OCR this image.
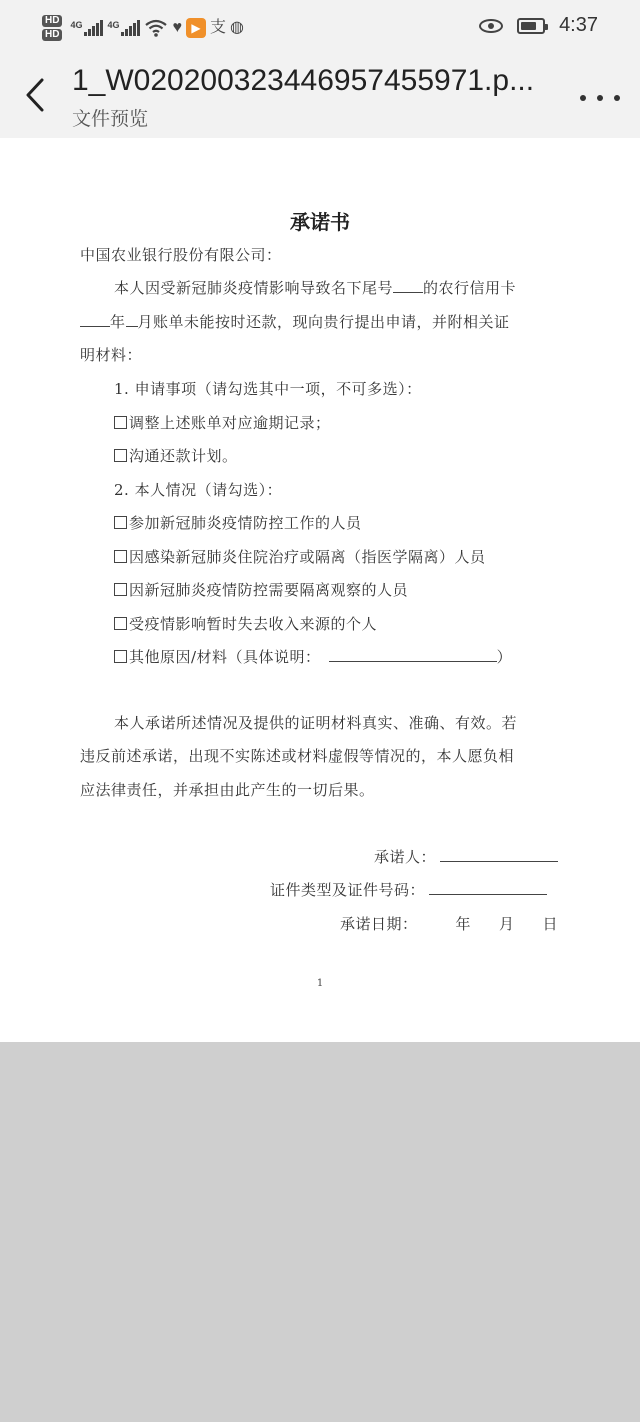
HD
HD
4G	4G	♥ ▶ 支 ◍	4:37
1_W020200323446957455971.p...
文件预览
承诺书
中国农业银行股份有限公司：
本人因受新冠肺炎疫情影响导致名下尾号 的农行信用卡
年 月账单未能按时还款，现向贵行提出申请，并附相关证
明材料：
1. 申请事项（请勾选其中一项，不可多选）：
调整上述账单对应逾期记录；
沟通还款计划。
2. 本人情况（请勾选）：
参加新冠肺炎疫情防控工作的人员
因感染新冠肺炎住院治疗或隔离（指医学隔离）人员
因新冠肺炎疫情防控需要隔离观察的人员
受疫情影响暂时失去收入来源的个人
其他原因/材料（具体说明：	）
本人承诺所述情况及提供的证明材料真实、准确、有效。若
违反前述承诺，出现不实陈述或材料虚假等情况的，本人愿负相
应法律责任，并承担由此产生的一切后果。
承诺人：
证件类型及证件号码：
承诺日期：	年 月 日
1
